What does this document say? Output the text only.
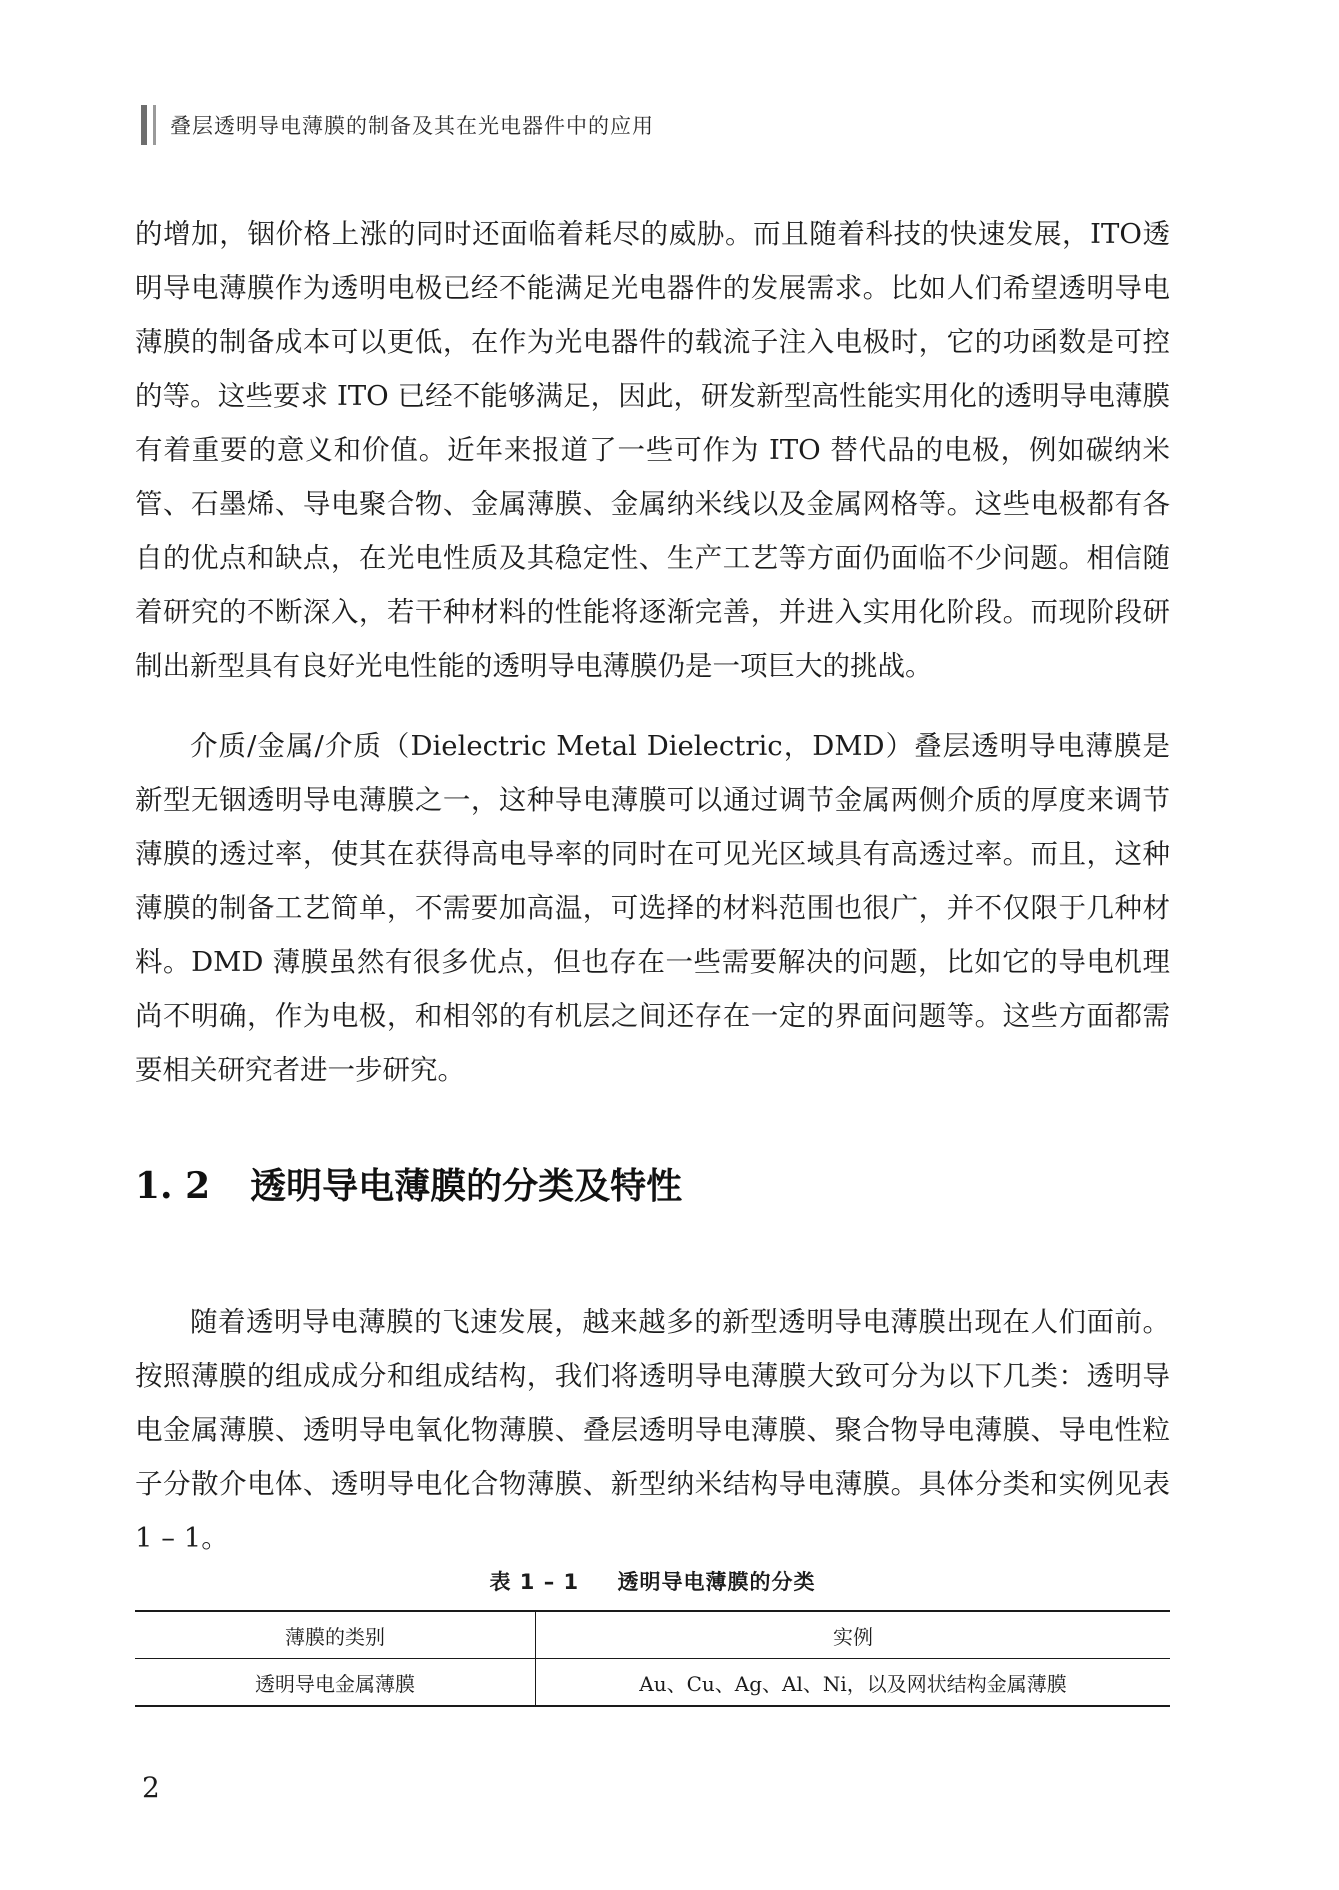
叠层透明导电薄膜的制备及其在光电器件中的应用

的增加，铟价格上涨的同时还面临着耗尽的威胁。而且随着科技的快速发展，ITO透明导电薄膜作为透明电极已经不能满足光电器件的发展需求。比如人们希望透明导电薄膜的制备成本可以更低，在作为光电器件的载流子注入电极时，它的功函数是可控的等。这些要求 ITO 已经不能够满足，因此，研发新型高性能实用化的透明导电薄膜有着重要的意义和价值。近年来报道了一些可作为 ITO 替代品的电极，例如碳纳米管、石墨烯、导电聚合物、金属薄膜、金属纳米线以及金属网格等。这些电极都有各自的优点和缺点，在光电性质及其稳定性、生产工艺等方面仍面临不少问题。相信随着研究的不断深入，若干种材料的性能将逐渐完善，并进入实用化阶段。而现阶段研制出新型具有良好光电性能的透明导电薄膜仍是一项巨大的挑战。

介质/金属/介质（Dielectric Metal Dielectric，DMD）叠层透明导电薄膜是新型无铟透明导电薄膜之一，这种导电薄膜可以通过调节金属两侧介质的厚度来调节薄膜的透过率，使其在获得高电导率的同时在可见光区域具有高透过率。而且，这种薄膜的制备工艺简单，不需要加高温，可选择的材料范围也很广，并不仅限于几种材料。DMD 薄膜虽然有很多优点，但也存在一些需要解决的问题，比如它的导电机理尚不明确，作为电极，和相邻的有机层之间还存在一定的界面问题等。这些方面都需要相关研究者进一步研究。

1. 2 透明导电薄膜的分类及特性

随着透明导电薄膜的飞速发展，越来越多的新型透明导电薄膜出现在人们面前。按照薄膜的组成成分和组成结构，我们将透明导电薄膜大致可分为以下几类：透明导电金属薄膜、透明导电氧化物薄膜、叠层透明导电薄膜、聚合物导电薄膜、导电性粒子分散介电体、透明导电化合物薄膜、新型纳米结构导电薄膜。具体分类和实例见表 1 – 1。

表 1 – 1 透明导电薄膜的分类
薄膜的类别	实例
透明导电金属薄膜	Au、Cu、Ag、Al、Ni，以及网状结构金属薄膜
2
